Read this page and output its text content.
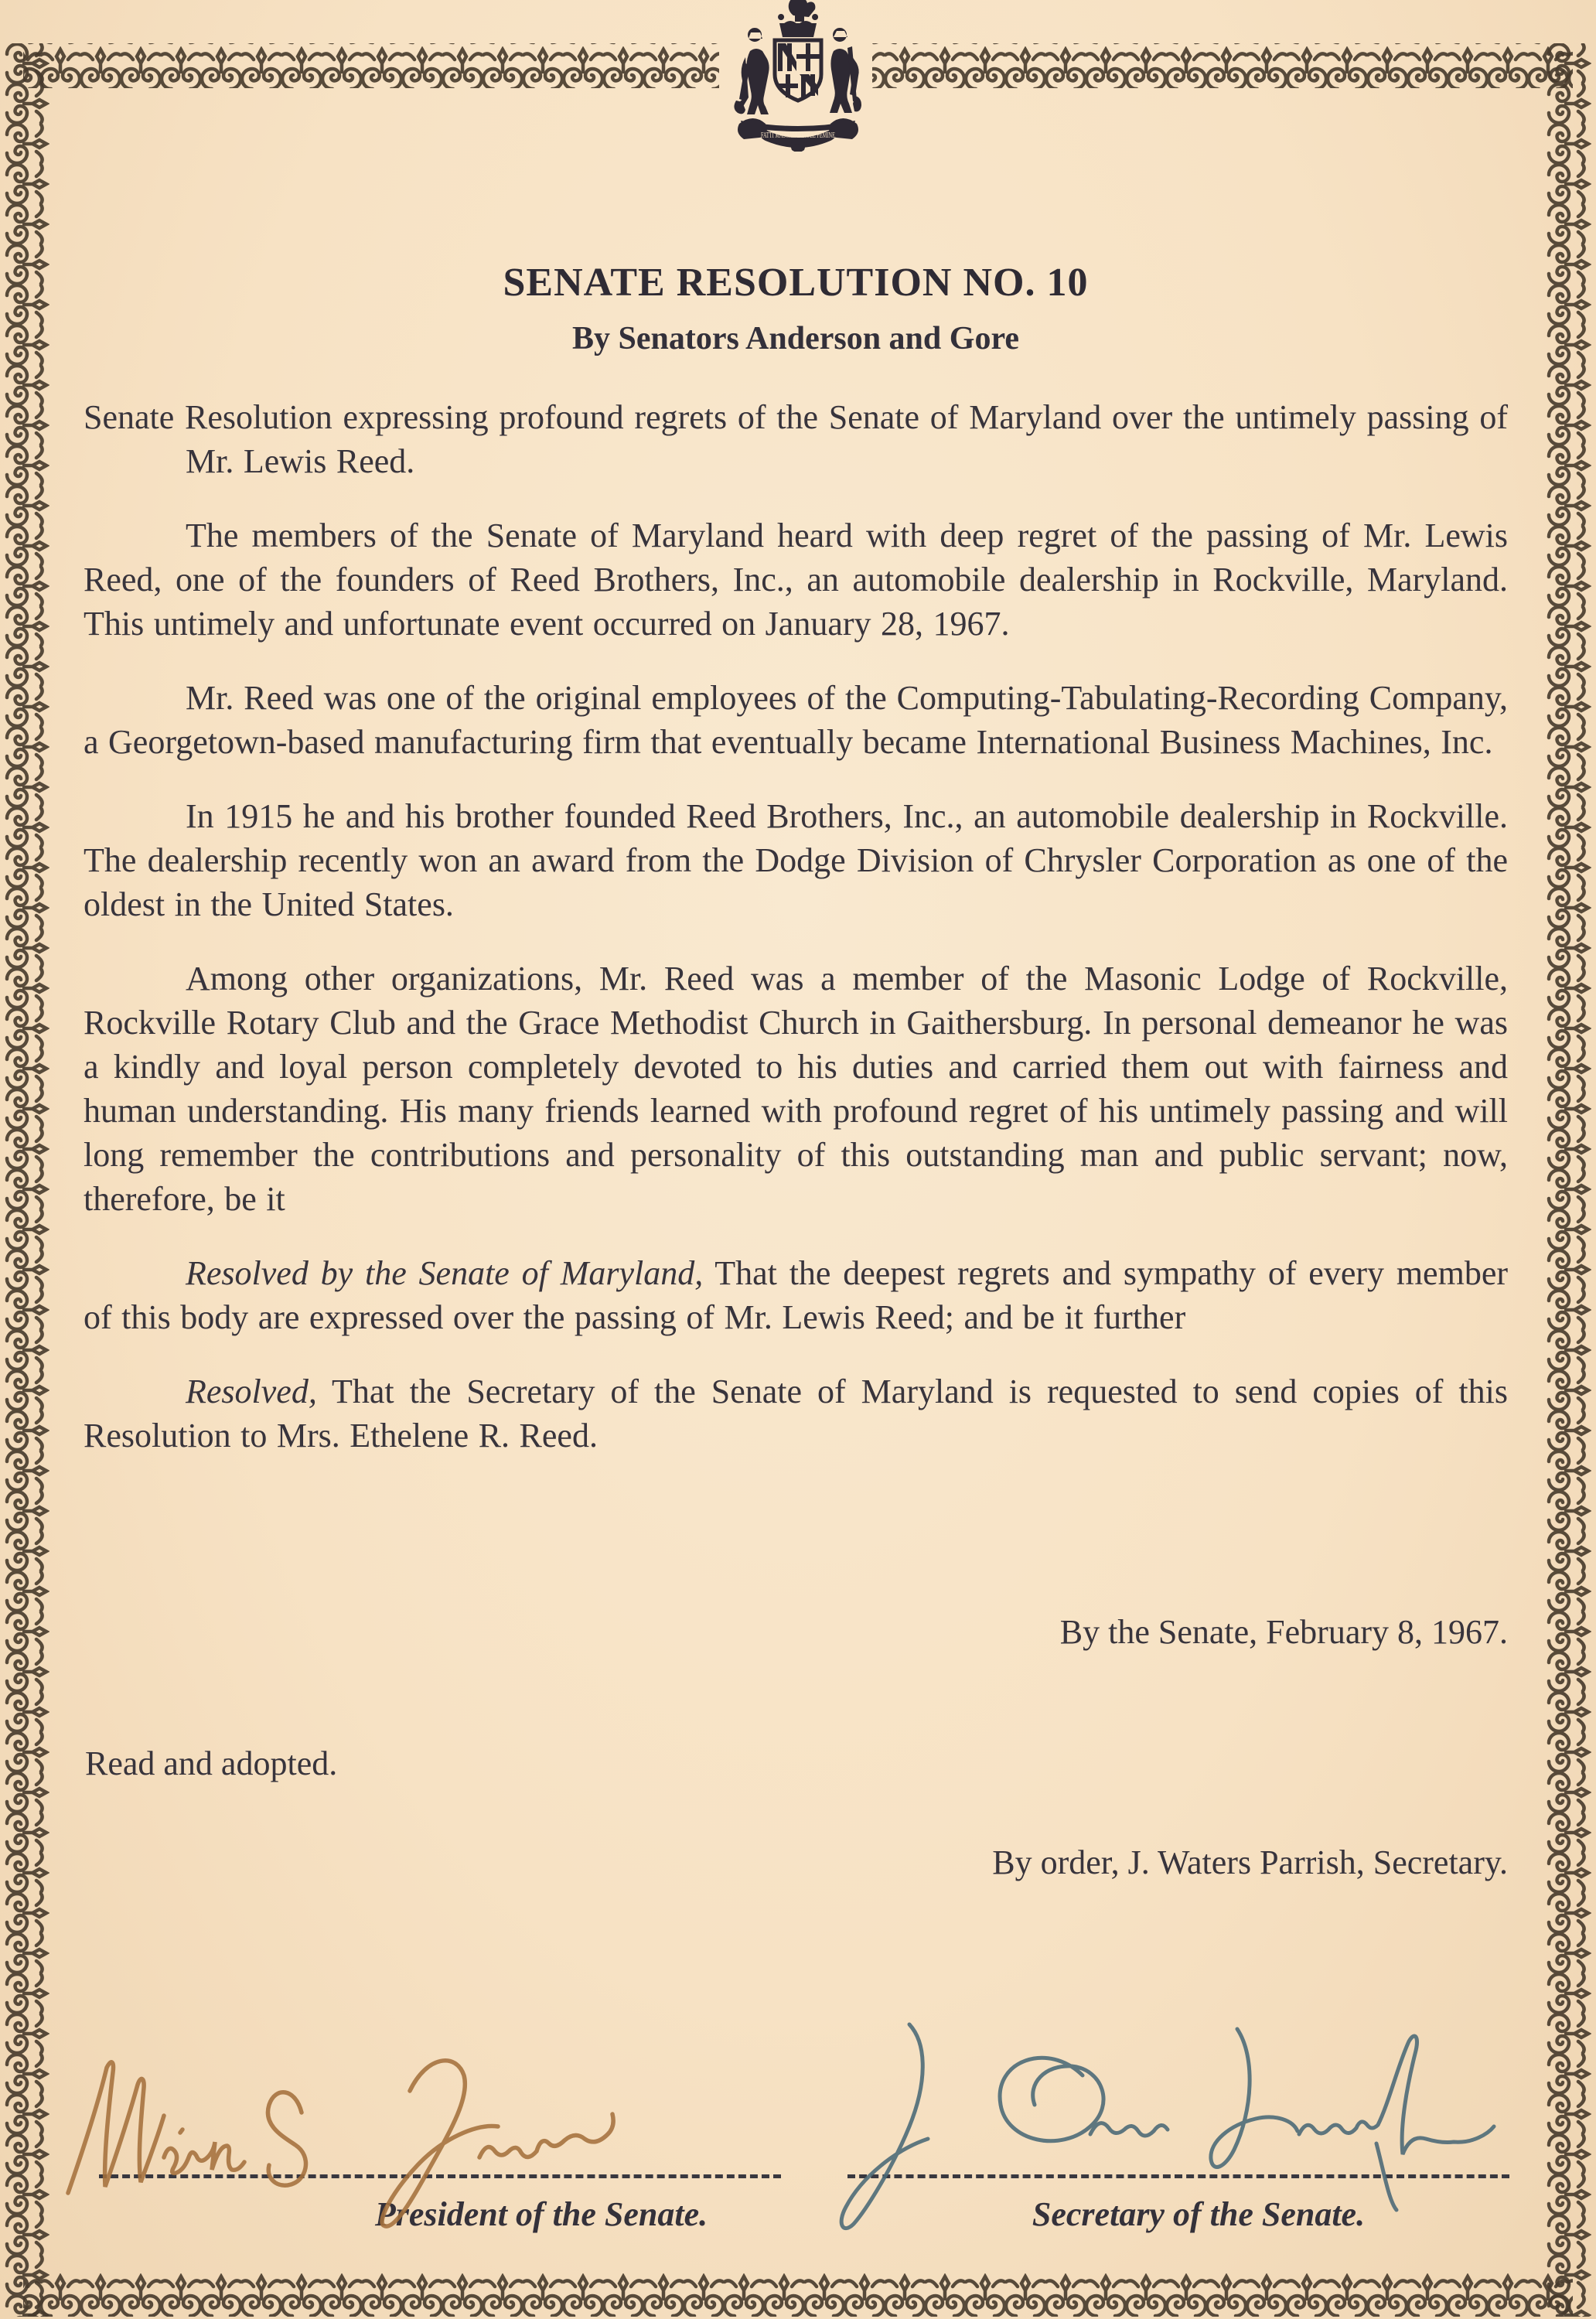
FATTI MASCHII PAROLE FEMINE
SENATE RESOLUTION NO. 10
By Senators Anderson and Gore

Senate Resolution expressing profound regrets of the Senate of Maryland over the untimely passing of Mr. Lewis Reed.

The members of the Senate of Maryland heard with deep regret of the passing of Mr. Lewis Reed, one of the founders of Reed Brothers, Inc., an automobile dealership in Rockville, Maryland. This untimely and unfortunate event occurred on January 28, 1967.

Mr. Reed was one of the original employees of the Computing-Tabulating-Recording Company, a Georgetown-based manufacturing firm that eventually became International Business Machines, Inc.

In 1915 he and his brother founded Reed Brothers, Inc., an automobile dealership in Rockville. The dealership recently won an award from the Dodge Division of Chrysler Corporation as one of the oldest in the United States.

Among other organizations, Mr. Reed was a member of the Masonic Lodge of Rockville, Rockville Rotary Club and the Grace Methodist Church in Gaithersburg. In personal demeanor he was a kindly and loyal person completely devoted to his duties and carried them out with fairness and human understanding. His many friends learned with profound regret of his untimely passing and will long remember the contributions and personality of this outstanding man and public servant; now, therefore, be it

Resolved by the Senate of Maryland, That the deepest regrets and sympathy of every member of this body are expressed over the passing of Mr. Lewis Reed; and be it further

Resolved, That the Secretary of the Senate of Maryland is requested to send copies of this Resolution to Mrs. Ethelene R. Reed.

By the Senate, February 8, 1967.
Read and adopted.
By order, J. Waters Parrish, Secretary.
President of the Senate.	Secretary of the Senate.
